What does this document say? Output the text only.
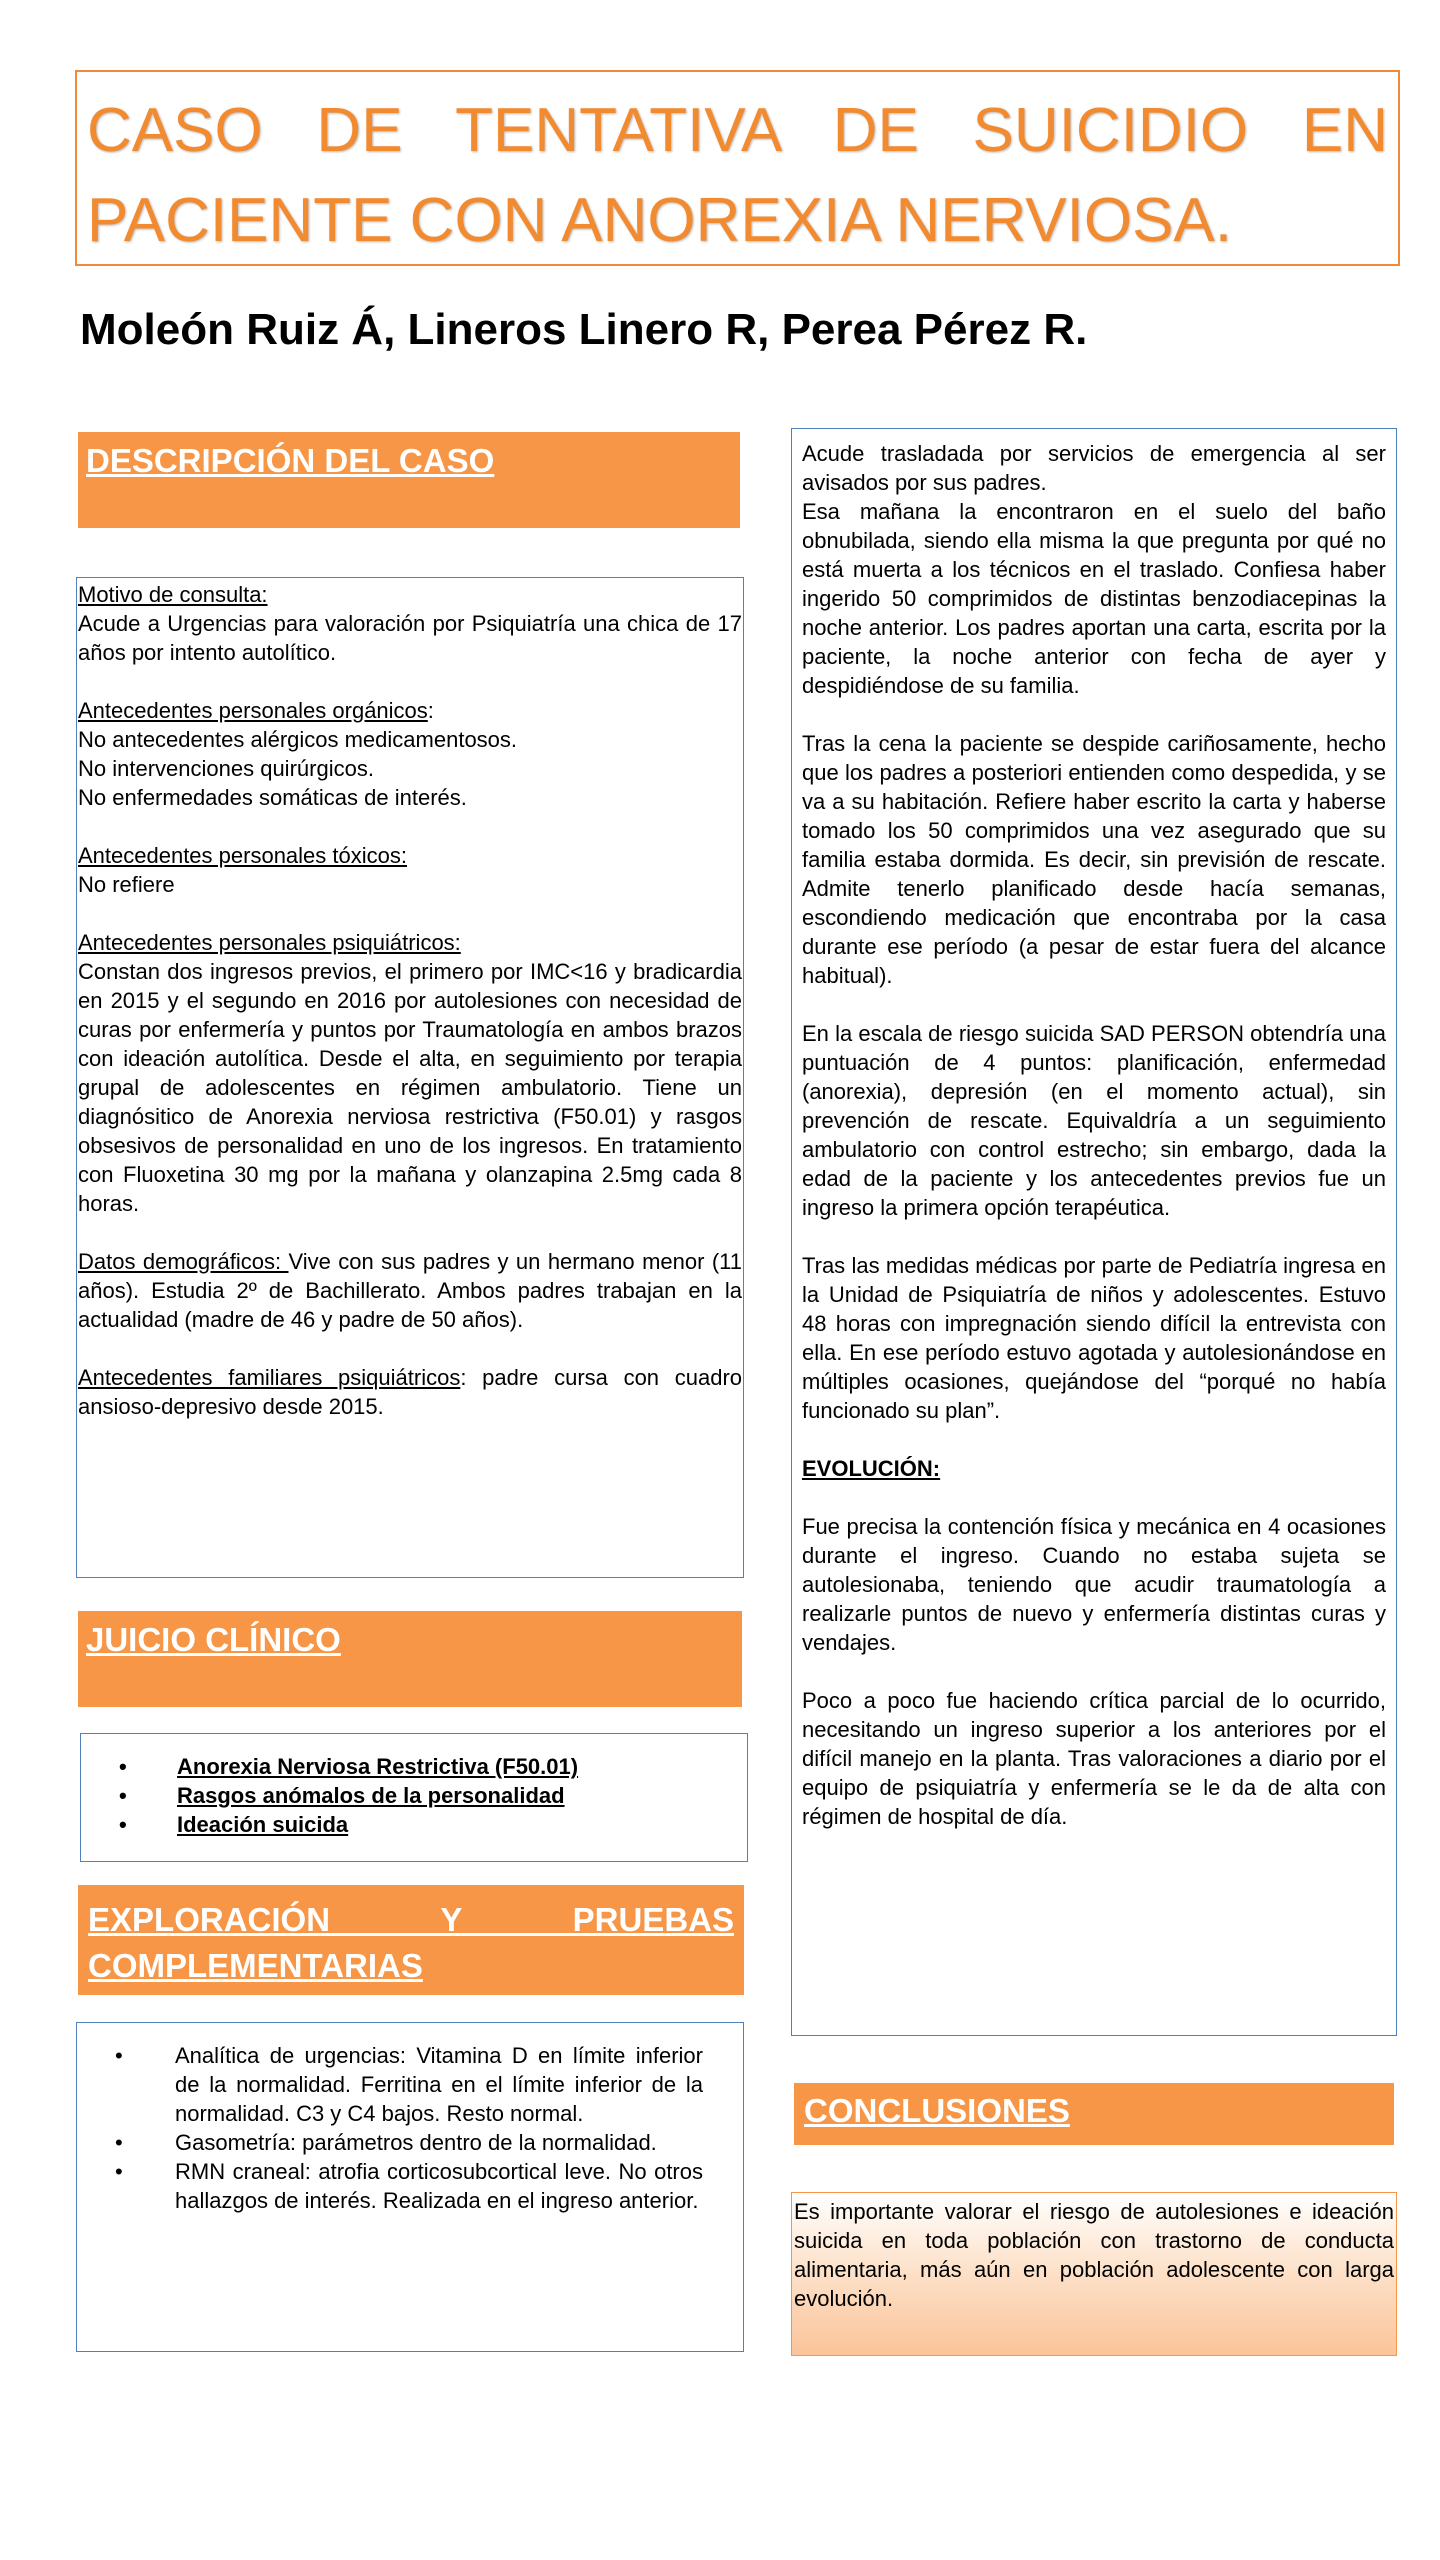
CASO DE TENTATIVA DE SUICIDIO EN PACIENTE CON ANOREXIA NERVIOSA.

Moleón Ruiz Á, Lineros Linero R, Perea Pérez R.

DESCRIPCIÓN DEL CASO

Motivo de consulta:
Acude a Urgencias para valoración por Psiquiatría una chica de 17 años por intento autolítico.

Antecedentes personales orgánicos:
No antecedentes alérgicos medicamentosos.
No intervenciones quirúrgicos.
No enfermedades somáticas de interés.

Antecedentes personales tóxicos:
No refiere

Antecedentes personales psiquiátricos:
Constan dos ingresos previos, el primero por IMC<16 y bradicardia en 2015 y el segundo en 2016 por autolesiones con necesidad de curas por enfermería y puntos por Traumatología en ambos brazos con ideación autolítica. Desde el alta, en seguimiento por terapia grupal de adolescentes en régimen ambulatorio. Tiene un diagnósitico de Anorexia nerviosa restrictiva (F50.01) y rasgos obsesivos de personalidad en uno de los ingresos. En tratamiento con Fluoxetina 30 mg por la mañana y olanzapina 2.5mg cada 8 horas.

Datos demográficos: Vive con sus padres y un hermano menor (11 años). Estudia 2º de Bachillerato. Ambos padres trabajan en la actualidad (madre de 46 y padre de 50 años).

Antecedentes familiares psiquiátricos: padre cursa con cuadro ansioso-depresivo desde 2015.

JUICIO CLÍNICO
• Anorexia Nerviosa Restrictiva (F50.01)
• Rasgos anómalos de la personalidad
• Ideación suicida
EXPLORACIÓN Y PRUEBAS COMPLEMENTARIAS
• Analítica de urgencias: Vitamina D en límite inferior de la normalidad. Ferritina en el límite inferior de la normalidad. C3 y C4 bajos. Resto normal.
• Gasometría: parámetros dentro de la normalidad.
• RMN craneal: atrofia corticosubcortical leve. No otros hallazgos de interés. Realizada en el ingreso anterior.

Acude trasladada por servicios de emergencia al ser avisados por sus padres.

Esa mañana la encontraron en el suelo del baño obnubilada, siendo ella misma la que pregunta por qué no está muerta a los técnicos en el traslado. Confiesa haber ingerido 50 comprimidos de distintas benzodiacepinas la noche anterior. Los padres aportan una carta, escrita por la paciente, la noche anterior con fecha de ayer y despidiéndose de su familia.

Tras la cena la paciente se despide cariñosamente, hecho que los padres a posteriori entienden como despedida, y se va a su habitación. Refiere haber escrito la carta y haberse tomado los 50 comprimidos una vez asegurado que su familia estaba dormida. Es decir, sin previsión de rescate. Admite tenerlo planificado desde hacía semanas, escondiendo medicación que encontraba por la casa durante ese período (a pesar de estar fuera del alcance habitual).

En la escala de riesgo suicida SAD PERSON obtendría una puntuación de 4 puntos: planificación, enfermedad (anorexia), depresión (en el momento actual), sin prevención de rescate. Equivaldría a un seguimiento ambulatorio con control estrecho; sin embargo, dada la edad de la paciente y los antecedentes previos fue un ingreso la primera opción terapéutica.

Tras las medidas médicas por parte de Pediatría ingresa en la Unidad de Psiquiatría de niños y adolescentes. Estuvo 48 horas con impregnación siendo difícil la entrevista con ella. En ese período estuvo agotada y autolesionándose en múltiples ocasiones, quejándose del “porqué no había funcionado su plan”.

EVOLUCIÓN:

Fue precisa la contención física y mecánica en 4 ocasiones durante el ingreso. Cuando no estaba sujeta se autolesionaba, teniendo que acudir traumatología a realizarle puntos de nuevo y enfermería distintas curas y vendajes.

Poco a poco fue haciendo crítica parcial de lo ocurrido, necesitando un ingreso superior a los anteriores por el difícil manejo en la planta. Tras valoraciones a diario por el equipo de psiquiatría y enfermería se le da de alta con régimen de hospital de día.

CONCLUSIONES

Es importante valorar el riesgo de autolesiones e ideación suicida en toda población con trastorno de conducta alimentaria, más aún en población adolescente con larga evolución.
